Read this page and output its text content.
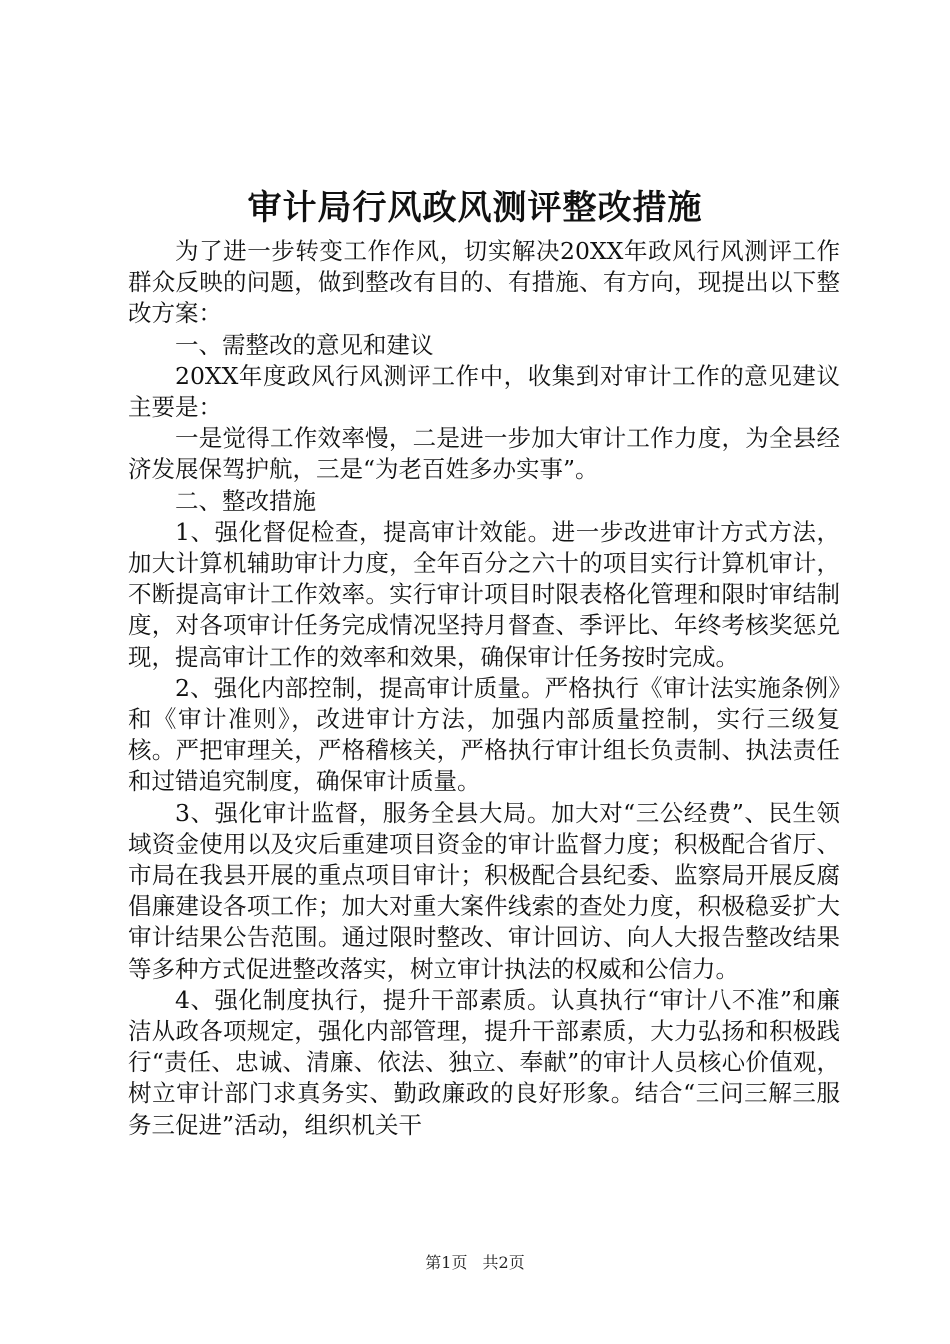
审计局行风政风测评整改措施

为了进一步转变工作作风，切实解决20XX年政风行风测评工作群众反映的问题，做到整改有目的、有措施、有方向，现提出以下整改方案：

一、需整改的意见和建议

20XX年度政风行风测评工作中，收集到对审计工作的意见建议主要是：

一是觉得工作效率慢，二是进一步加大审计工作力度，为全县经济发展保驾护航，三是“为老百姓多办实事”。

二、整改措施

1、强化督促检查，提高审计效能。进一步改进审计方式方法，加大计算机辅助审计力度，全年百分之六十的项目实行计算机审计，不断提高审计工作效率。实行审计项目时限表格化管理和限时审结制度，对各项审计任务完成情况坚持月督查、季评比、年终考核奖惩兑现，提高审计工作的效率和效果，确保审计任务按时完成。

2、强化内部控制，提高审计质量。严格执行《审计法实施条例》和《审计准则》，改进审计方法，加强内部质量控制，实行三级复核。严把审理关，严格稽核关，严格执行审计组长负责制、执法责任和过错追究制度，确保审计质量。

3、强化审计监督，服务全县大局。加大对“三公经费”、民生领域资金使用以及灾后重建项目资金的审计监督力度；积极配合省厅、市局在我县开展的重点项目审计；积极配合县纪委、监察局开展反腐倡廉建设各项工作；加大对重大案件线索的查处力度，积极稳妥扩大审计结果公告范围。通过限时整改、审计回访、向人大报告整改结果等多种方式促进整改落实，树立审计执法的权威和公信力。

4、强化制度执行，提升干部素质。认真执行“审计八不准”和廉洁从政各项规定，强化内部管理，提升干部素质，大力弘扬和积极践行“责任、忠诚、清廉、依法、独立、奉献”的审计人员核心价值观，树立审计部门求真务实、勤政廉政的良好形象。结合“三问三解三服务三促进”活动，组织机关干

第1页 共2页
